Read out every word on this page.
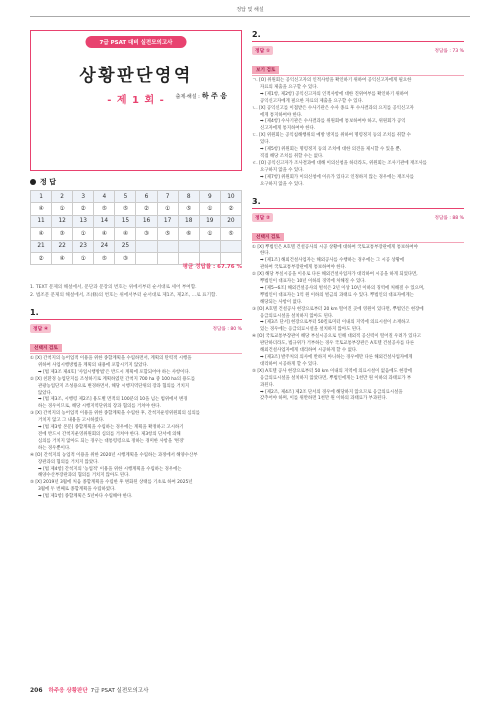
정답 및 해설
7급 PSAT 대비 실전모의고사
상황판단영역
- 제 1 회 - 출제·해설 : 하 주 응
정 답
1	2	3	4	5	6	7	8	9	10
④	①	②	⑤	⑤	②	①	⑤	①	②
11	12	13	14	15	16	17	18	19	20
④	③	①	④	④	③	⑤	⑥	①	⑤
21	22	23	24	25					
②	④	①	⑤	③					
평균 정답률 : 67.76 %
1. TEXT 문제의 해설에서, 문단과 문장의 번호는 위에서부터 순서대로 세어 부여함.
2. 법조문 문제의 해설에서, 조(條)의 번호는 위에서부터 순서대로 제1조, 제2조, …로 표기함.
1.
정답 ④	정답률 : 80 %
선택지 검토

① [X] 간척지의 농어업적 이용을 위한 종합계획을 수립하면서, 계획의 탄력적 시행을

위하여 사업시행방법을 계획의 내용에 포함시키지 않았다.

➡ [법 제3조 제4호] '사업시행방법'은 반드시 계획에 포함되어야 하는 사항이다.

② [X] 친환경 농업단지를 조성하기로 계획하였던 간척지 700 ha 중 100 ha의 용도를

관광농업단지 조성용으로 변경하면서, 해당 시행지역단위의 장과 협의를 거치지

않았다.

➡ [법 제3조, 시행령 제2조] 용도별 면적의 100분의 10을 넘는 범위에서 변경

하는 경우이므로, 해당 시행지역단위의 장과 협의를 거쳐야 한다.

③ [X] 간척지의 농어업적 이용을 위한 종합계획을 수립한 후, 간척지운영위원회의 심의를

거치지 않고 그 내용을 고시하였다.

➡ [법 제3항 본문] 종합계획을 수립하는 경우에는 계획을 확정하고 고시하기

전에 반드시 간척지운영위원회의 심의를 거쳐야 한다. 제3항의 단서에 의해

심의를 거치지 않아도 되는 경우는 대통령령으로 정하는 경미한 사항을 '변경'

하는 경우뿐이다.

④ [O] 간척지의 농업적 이용을 위한 2020년 시행계획을 수립하는 과정에서 해양수산부

장관과의 협의를 거치지 않았다.

➡ [법 제4항] 간척지의 '농업적' 이용을 위한 시행계획을 수립하는 경우에는

해양수산부장관과의 협의를 거치지 않아도 된다.

⑤ [X] 2019년 3월에 처음 종합계획을 수립한 후 변화된 상태를 기초로 하여 2025년

3월에 두 번째로 종합계획을 수립하였다.

➡ [법 제1항] 종합계획은 5년마다 수립해야 한다.

2.
정답 ①	정답률 : 73 %
보기 검토

ㄱ. [O] 위원회는 공익신고자의 인적사항을 확인하기 위하여 공익신고자에게 필요한

자료의 제출을 요구할 수 있다.

➡ [제1항, 제2항] 공익신고자의 인적사항에 대한 진위여부를 확인하기 위하여

공익신고자에게 필요한 자료의 제출을 요구할 수 있다.

ㄴ. [X] 공익신고를 이첩받은 수사기관은 수사 종료 후 수사결과의 요지를 공익신고자

에게 통지하여야 한다.

➡ [제4항] 수사기관은 수사결과를 위원회에 통보하여야 하고, 위원회가 공익

신고자에게 통지하여야 한다.

ㄷ. [X] 위원회는 공익침해행위의 예방 방지를 위하여 명령정지 등의 조치를 취할 수

있다.

➡ [제5항] 위원회는 명령정지 등의 조치에 대한 의견을 제시할 수 있을 뿐,

직접 해당 조치를 취할 수는 없다.

ㄹ. [O] 공익신고자가 조사결과에 대해 이의신청을 하더라도, 위원회는 조사기관에 재조사를

요구하지 않을 수 있다.

➡ [제7항] 위원회가 이의신청에 이유가 있다고 인정하지 않는 경우에는 재조사를

요구하지 않을 수 있다.

3.
정답 ②	정답률 : 88 %
선택지 검토

① [X] 뿌법인은 A호텔 건설공사의 시공 상황에 대하여 국토교통부장관에게 통보하여야

한다.

➡ [제1조] 해외건설사업자는 해외공사를 수행하는 경우에는 그 시공 상황에

관하여 국토교통부장관에게 통보하여야 한다.

② [X] 해당 부실시공을 이유로 다른 해외건설사업자가 대리하여 시공을 하게 되었다면,

뿌법인이 대표자는 10년 이하의 징역에 처해질 수 있다.

➡ [제5~6조] 해외건설공사의 벌칙은 2년 이상 10년 이하의 징역에 처해질 수 있으며,

뿌법인이 대표자는 1억 원 이하의 벌금의 과태료 수 있다. 뿌법인의 대표자에게는

해당되는 사항이 없다.

③ [O] A호텔 건설공사 현장으로부터 20 km 떨어진 곳에 영원이 있다면, 뿌법인은 현장에

응급의료시설을 설치하지 않아도 된다.

➡ [제3조 단서] 현장으로부터 50킬로미터 이내의 지역에 의료시설이 소재하고

있는 경우에는 응급의료시설을 설치하지 않아도 된다.

④ [O] 국토교통부장관이 해당 부실시공으로 인해 대외적 공신력이 떨어질 우려가 있다고

판단하더라도, 법규위가 거부하는 경우 국토교통부장관은 A호텔 건설공사를 다른

해외건설사업자에게 대리하여 시공하게 할 수 없다.

➡ [제3조] 발주처의 의사에 반하지 아니하는 경우에만 다른 해외건설사업자에게

대리하여 시공하게 할 수 있다.

⑤ [X] A호텔 공사 현장으로부터 50 km 이내의 지역에 의료시설이 없음에도 현장에

응급의료시설을 설치하지 않았다면, 뿌법인에게는 1천만 원 이하의 과태료가 부

과된다.

➡ [제2조, 제4조] 제2조 단서의 경우에 해당하지 않으므로 응급의료시설을

갖추어야 하며, 이를 위반하면 1천만 원 이하의 과태료가 부과된다.

206 하주응 상황판단 7급 PSAT 실전모의고사
